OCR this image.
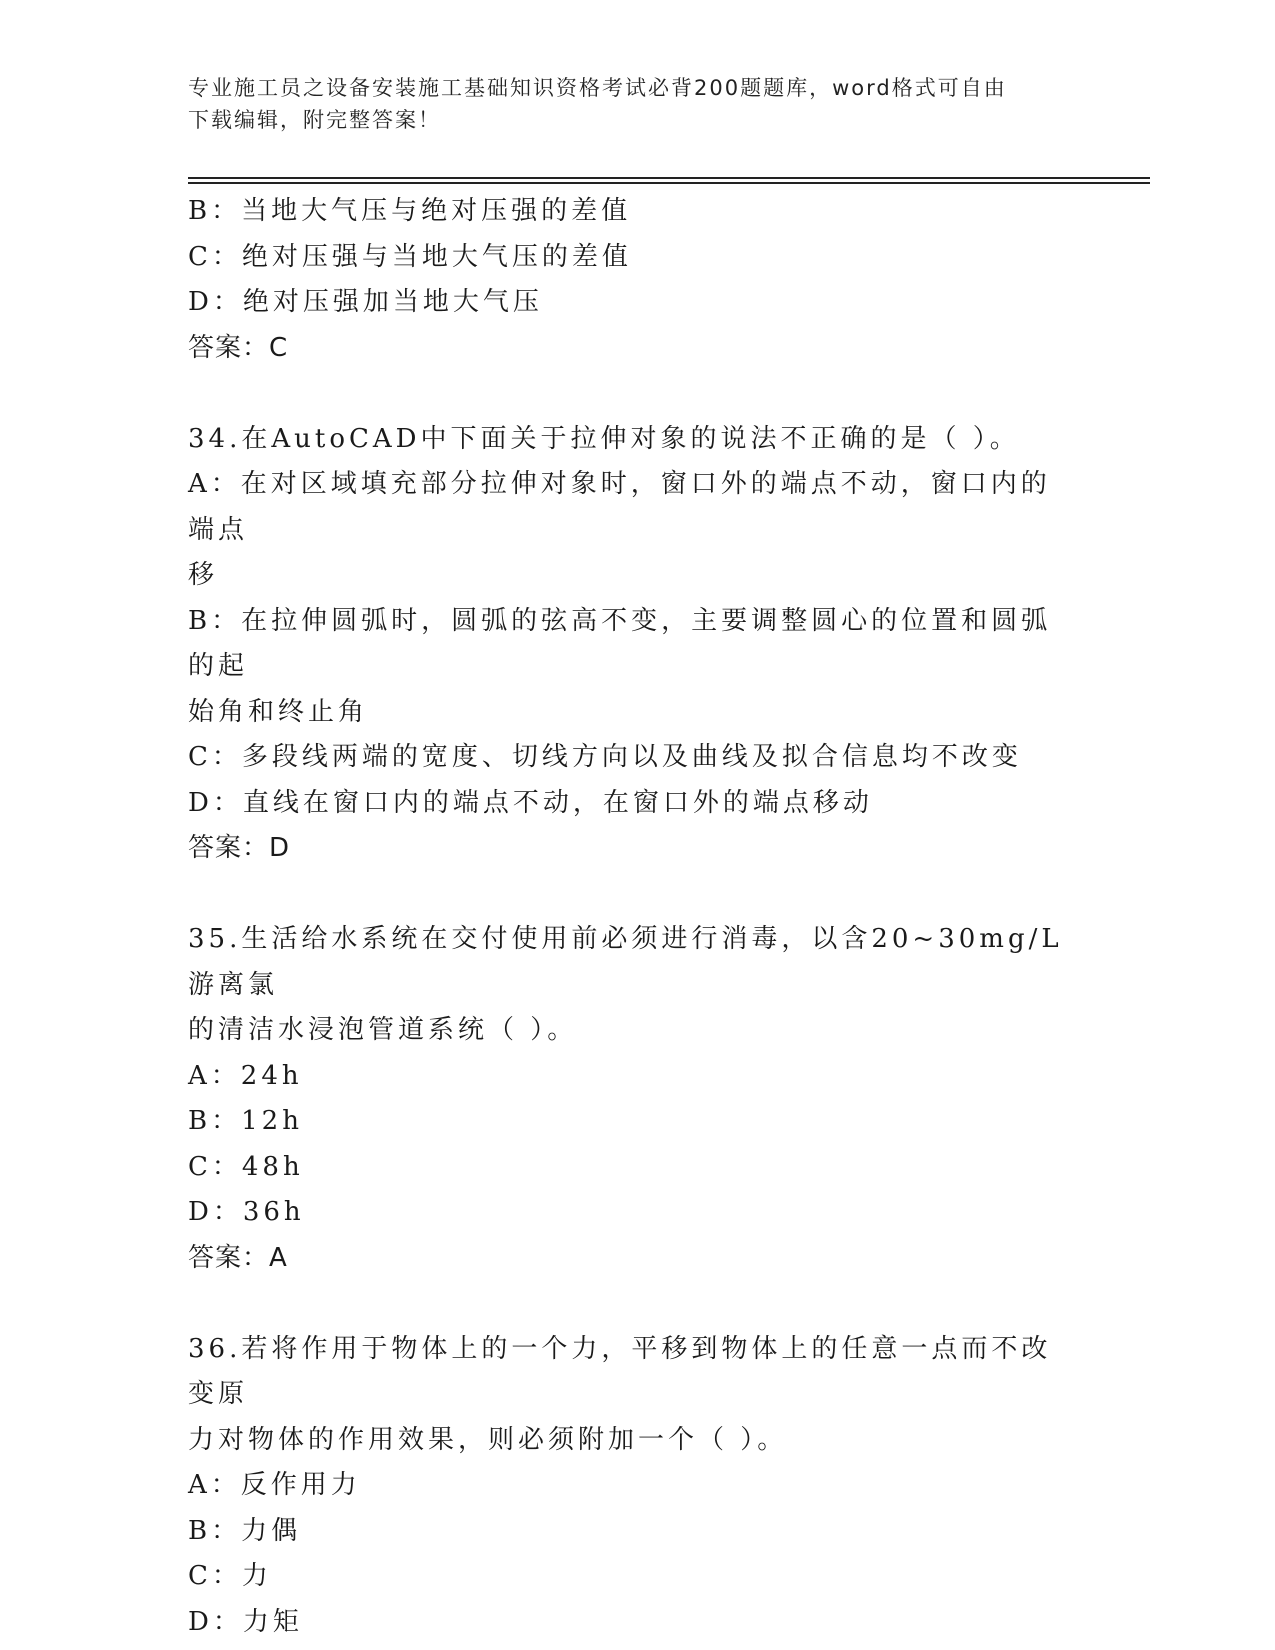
专业施工员之设备安装施工基础知识资格考试必背200题题库，word格式可自由
下载编辑，附完整答案！
B：当地大气压与绝对压强的差值
C：绝对压强与当地大气压的差值
D：绝对压强加当地大气压
答案：C
34.在AutoCAD中下面关于拉伸对象的说法不正确的是（ ）。
A：在对区域填充部分拉伸对象时，窗口外的端点不动，窗口内的端点
移
B：在拉伸圆弧时，圆弧的弦高不变，主要调整圆心的位置和圆弧的起
始角和终止角
C：多段线两端的宽度、切线方向以及曲线及拟合信息均不改变
D：直线在窗口内的端点不动，在窗口外的端点移动
答案：D
35.生活给水系统在交付使用前必须进行消毒，以含20~30mg/L游离氯
的清洁水浸泡管道系统（ ）。
A：24h
B：12h
C：48h
D：36h
答案：A
36.若将作用于物体上的一个力，平移到物体上的任意一点而不改变原
力对物体的作用效果，则必须附加一个（ ）。
A：反作用力
B：力偶
C：力
D：力矩
